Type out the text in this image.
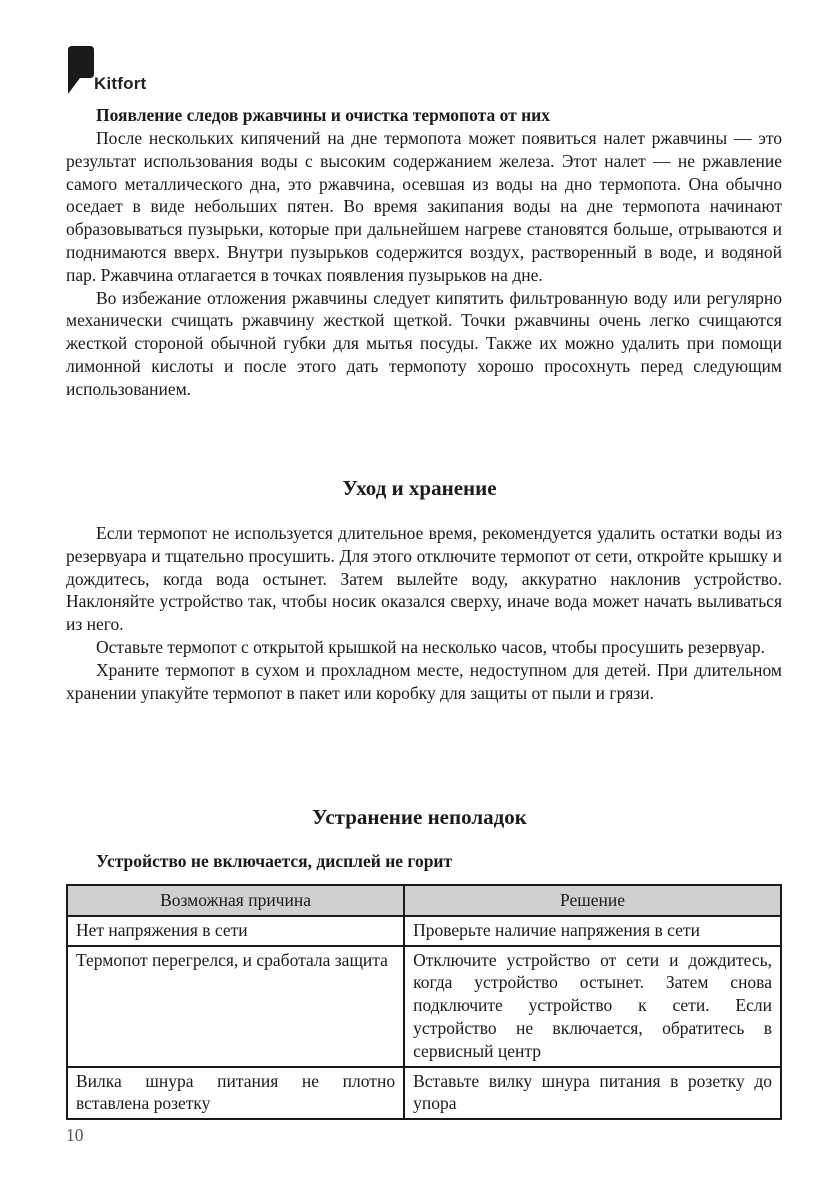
Kitfort
Появление следов ржавчины и очистка термопота от них

После нескольких кипячений на дне термопота может появиться налет ржавчины — это результат использования воды с высоким содержанием железа. Этот налет — не ржавление самого металлического дна, это ржавчина, осевшая из воды на дно термопота. Она обычно оседает в виде небольших пятен. Во время закипания воды на дне термопота начинают образовываться пузырьки, которые при дальнейшем нагреве становятся больше, отрываются и поднимаются вверх. Внутри пузырьков содержится воздух, растворенный в воде, и водяной пар. Ржавчина отлагается в точках появления пузырьков на дне.

Во избежание отложения ржавчины следует кипятить фильтрованную воду или регулярно механически счищать ржавчину жесткой щеткой. Точки ржавчины очень легко счищаются жесткой стороной обычной губки для мытья посуды. Также их можно удалить при помощи лимонной кислоты и после этого дать термопоту хорошо просохнуть перед следующим использованием.

Уход и хранение

Если термопот не используется длительное время, рекомендуется удалить остатки воды из резервуара и тщательно просушить. Для этого отключите термопот от сети, откройте крышку и дождитесь, когда вода остынет. Затем вылейте воду, аккуратно наклонив устройство. Наклоняйте устройство так, чтобы носик оказался сверху, иначе вода может начать выливаться из него.

Оставьте термопот с открытой крышкой на несколько часов, чтобы просушить резервуар.

Храните термопот в сухом и прохладном месте, недоступном для детей. При длительном хранении упакуйте термопот в пакет или коробку для защиты от пыли и грязи.

Устранение неполадок
Устройство не включается, дисплей не горит
Возможная причина	Решение
Нет напряжения в сети	Проверьте наличие напряжения в сети
Термопот перегрелся, и сработала защита	Отключите устройство от сети и дождитесь, когда устройство остынет. Затем снова подключите устройство к сети. Если устройство не включается, обратитесь в сервисный центр
Вилка шнура питания не плотно вставлена розетку	Вставьте вилку шнура питания в розетку до упора
10
